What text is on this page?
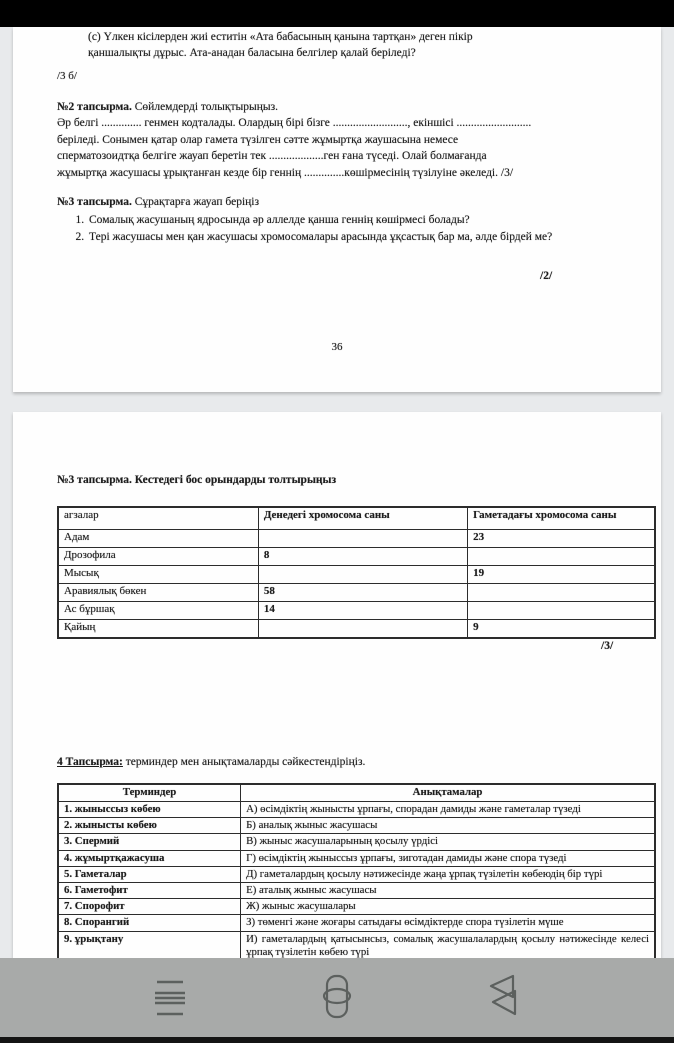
(с) Үлкен кісілерден жиі еститін «Ата бабасының қанына тартқан» деген пікір
қаншалықты дұрыс. Ата-анадан баласына белгілер қалай беріледі?
/3 б/
№2 тапсырма. Сөйлемдерді толықтырыңыз.
Әр белгі .............. генмен кодталады. Олардың бірі бізге .........................., екіншісі ..........................
беріледі. Сонымен қатар олар гамета түзілген сәтте жұмыртқа жаушасына немесе
сперматозоидтқа белгіге жауап беретін тек ...................ген ғана түседі. Олай болмағанда
жұмыртқа жасушасы ұрықтанған кезде бір геннің ..............көшірмесінің түзілуіне әкеледі. /3/
№3 тапсырма. Сұрақтарға жауап беріңіз
1. Сомалық жасушаның ядросында әр аллелде қанша геннің көшірмесі болады?
2. Тері жасушасы мен қан жасушасы хромосомалары арасында ұқсастық бар ма, әлде бірдей ме?
/2/
36
№3 тапсырма. Кестедегі бос орындарды толтырыңыз
агзалар	Денедегі хромосома саны	Гаметадағы хромосома саны
Адам		23
Дрозофила	8	
Мысық		19
Аравиялық бөкен	58	
Ас бұршақ	14	
Қайың		9
/3/
4 Тапсырма: терминдер мен анықтамаларды сәйкестендіріңіз.
Терминдер	Анықтамалар
1. жыныссыз көбею	А) өсімдіктің жынысты ұрпағы, спорадан дамиды және гаметалар түзеді
2. жынысты көбею	Б) аналық жыныс жасушасы
3. Спермий	В) жыныс жасушаларының қосылу үрдісі
4. жұмыртқажасуша	Г) өсімдіктің жыныссыз ұрпағы, зиготадан дамиды және спора түзеді
5. Гаметалар	Д) гаметалардың қосылу нәтижесінде жаңа ұрпақ түзілетін көбеюдің бір түрі
6. Гаметофит	Е) аталық жыныс жасушасы
7. Спорофит	Ж) жыныс жасушалары
8. Спорангий	З) төменгі және жоғары сатыдағы өсімдіктерде спора түзілетін мүше
9. ұрықтану	И) гаметалардың қатысынсыз, сомалық жасушалалардың қосылу нәтижесінде келесі ұрпақ түзілетін көбею түрі
